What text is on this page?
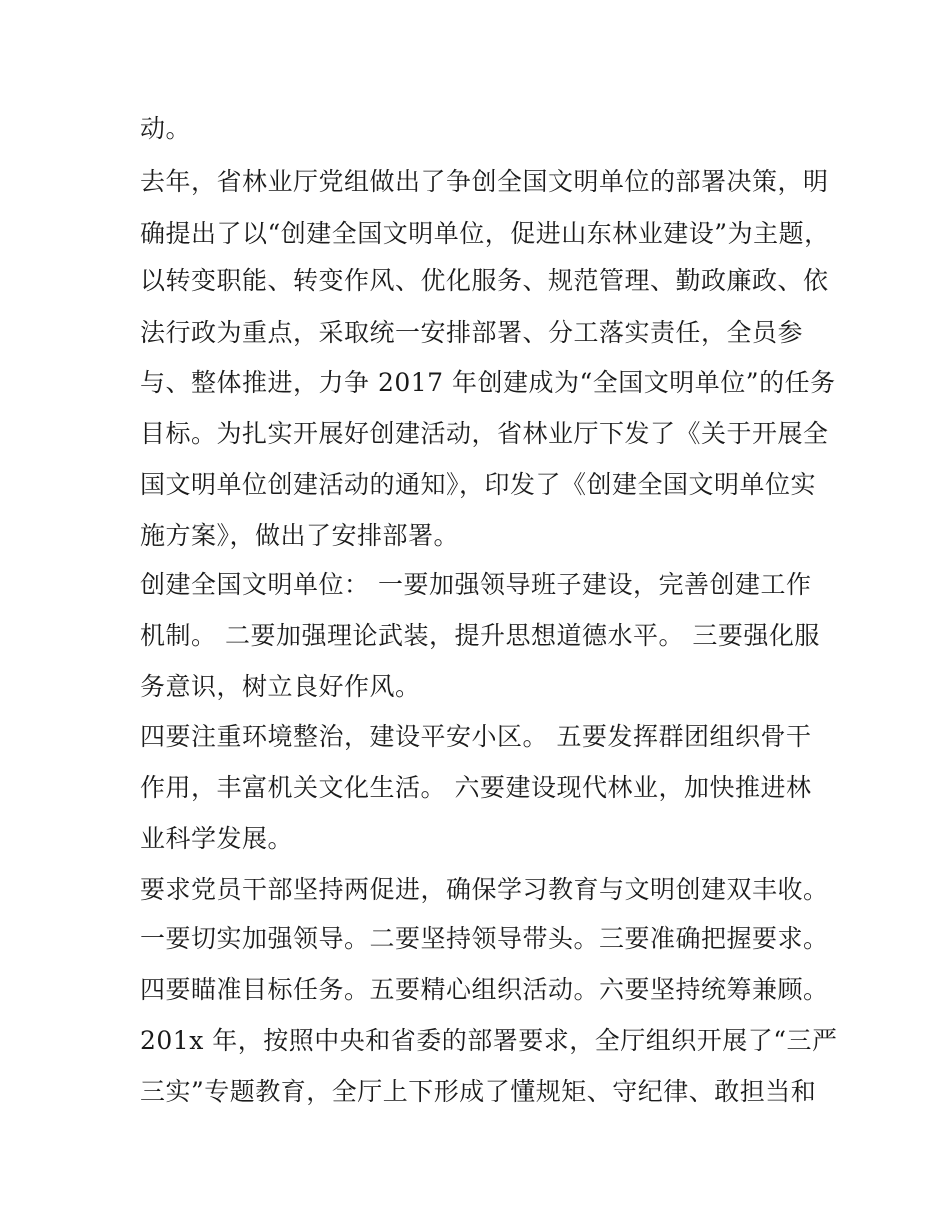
动。
去年，省林业厅党组做出了争创全国文明单位的部署决策，明
确提出了以“创建全国文明单位，促进山东林业建设”为主题，
以转变职能、转变作风、优化服务、规范管理、勤政廉政、依
法行政为重点，采取统一安排部署、分工落实责任，全员参
与、整体推进，力争 2017 年创建成为“全国文明单位”的任务
目标。为扎实开展好创建活动，省林业厅下发了《关于开展全
国文明单位创建活动的通知》，印发了《创建全国文明单位实
施方案》，做出了安排部署。
创建全国文明单位： 一要加强领导班子建设，完善创建工作
机制。 二要加强理论武装，提升思想道德水平。 三要强化服
务意识，树立良好作风。
四要注重环境整治，建设平安小区。 五要发挥群团组织骨干
作用，丰富机关文化生活。 六要建设现代林业，加快推进林
业科学发展。
要求党员干部坚持两促进，确保学习教育与文明创建双丰收。
一要切实加强领导。二要坚持领导带头。三要准确把握要求。
四要瞄准目标任务。五要精心组织活动。六要坚持统筹兼顾。
201x 年，按照中央和省委的部署要求，全厅组织开展了“三严
三实”专题教育，全厅上下形成了懂规矩、守纪律、敢担当和
